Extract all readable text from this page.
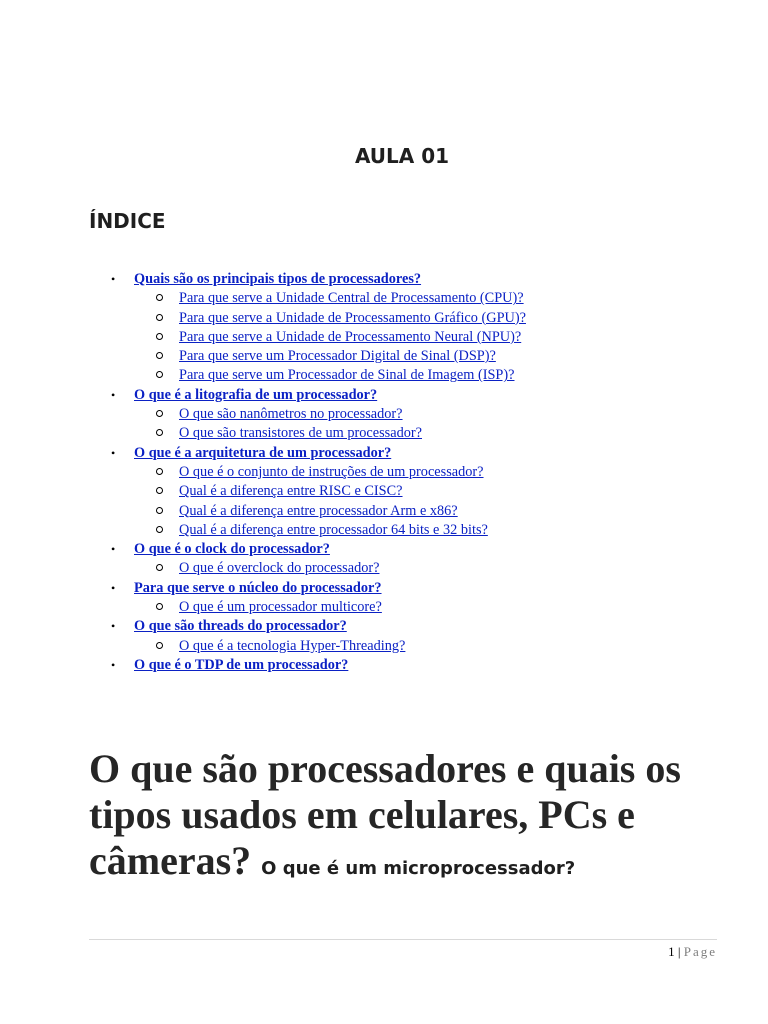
AULA 01
ÍNDICE
• Quais são os principais tipos de processadores?
Para que serve a Unidade Central de Processamento (CPU)?
Para que serve a Unidade de Processamento Gráfico (GPU)?
Para que serve a Unidade de Processamento Neural (NPU)?
Para que serve um Processador Digital de Sinal (DSP)?
Para que serve um Processador de Sinal de Imagem (ISP)?
• O que é a litografia de um processador?
O que são nanômetros no processador?
O que são transistores de um processador?
• O que é a arquitetura de um processador?
O que é o conjunto de instruções de um processador?
Qual é a diferença entre RISC e CISC?
Qual é a diferença entre processador Arm e x86?
Qual é a diferença entre processador 64 bits e 32 bits?
• O que é o clock do processador?
O que é overclock do processador?
• Para que serve o núcleo do processador?
O que é um processador multicore?
• O que são threads do processador?
O que é a tecnologia Hyper-Threading?
• O que é o TDP de um processador?
O que são processadores e quais os tipos usados em celulares, PCs e câmeras? O que é um microprocessador?
1 | Page
